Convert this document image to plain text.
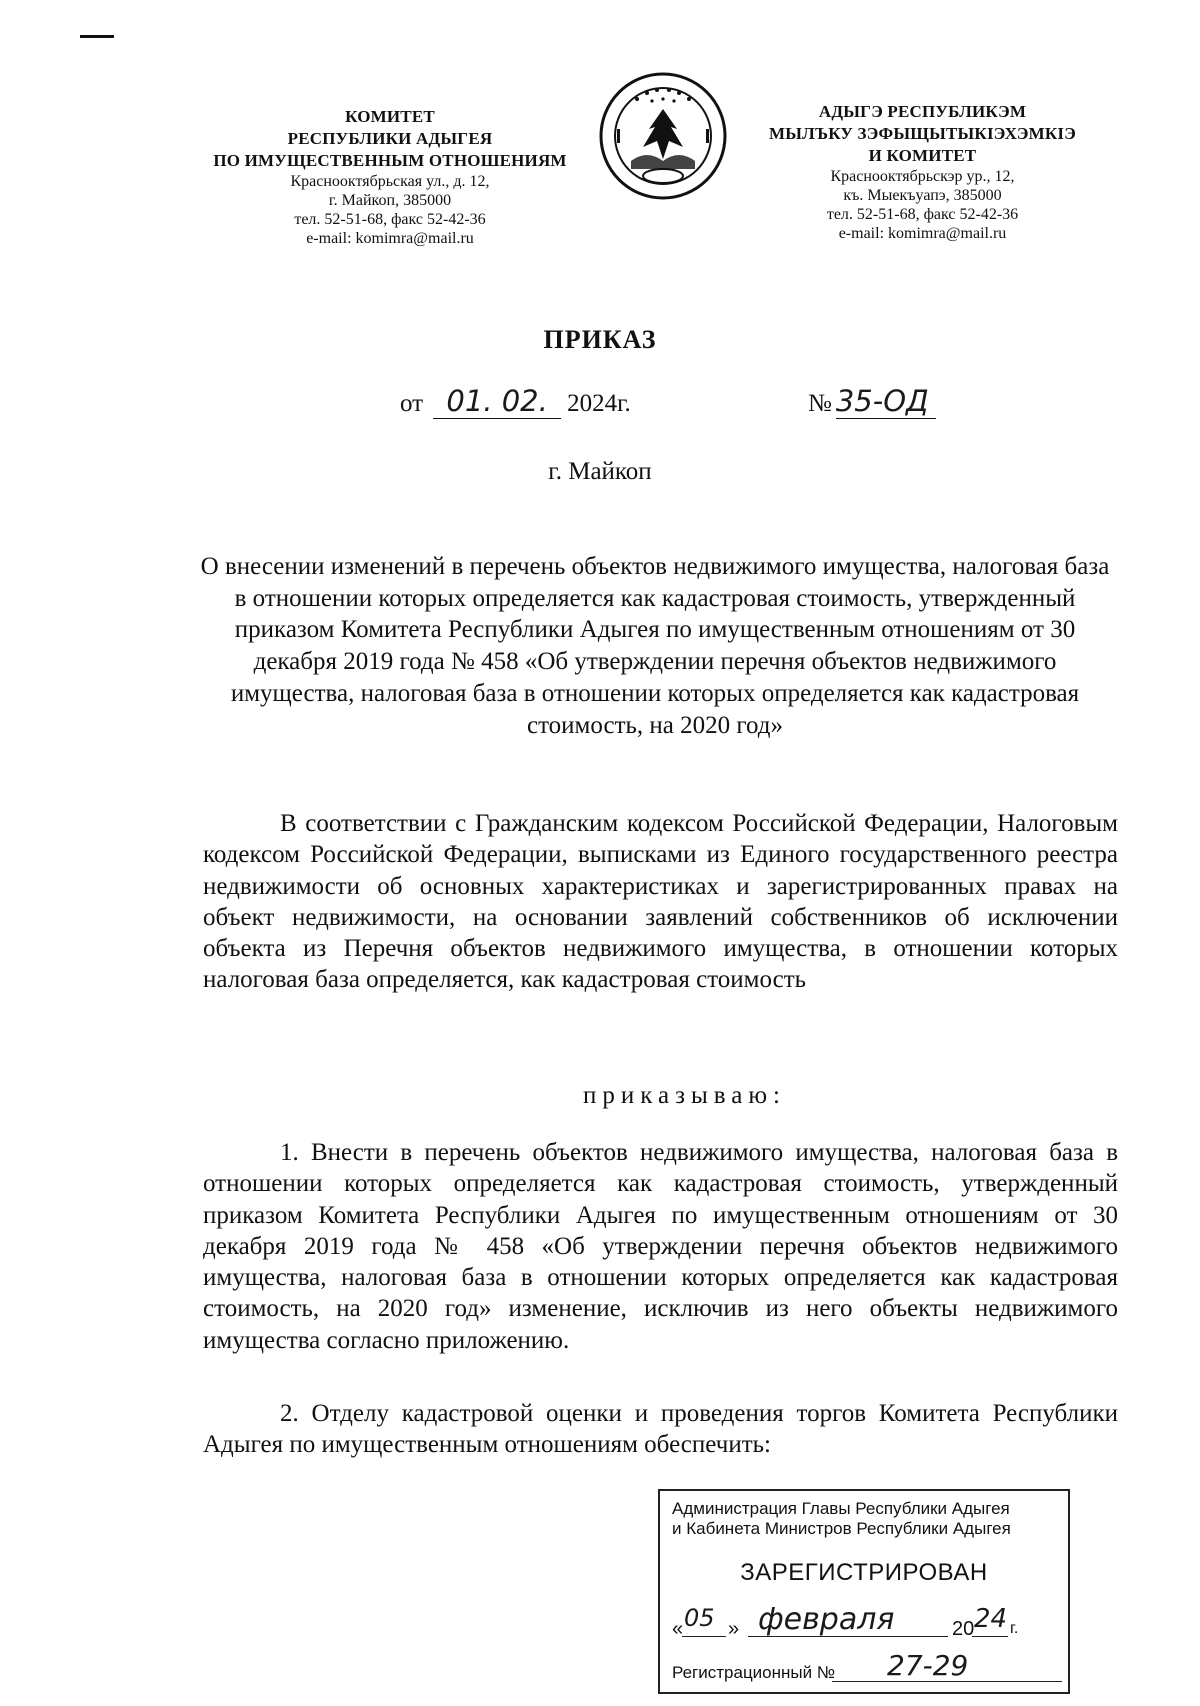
КОМИТЕТ
РЕСПУБЛИКИ АДЫГЕЯ
ПО ИМУЩЕСТВЕННЫМ ОТНОШЕНИЯМ
Краснооктябрьская ул., д. 12,
г. Майкоп, 385000
тел. 52-51-68, факс 52-42-36
e-mail: komimra@mail.ru
АДЫГЭ РЕСПУБЛИКЭМ
МЫЛЪКУ ЗЭФЫЩЫТЫКIЭХЭМКIЭ
И КОМИТЕТ
Краснооктябрьскэр ур., 12,
къ. Мыекъуапэ, 385000
тел. 52-51-68, факс 52-42-36
e-mail: komimra@mail.ru
ПРИКАЗ
от 01. 02. 2024г.	№ 35-ОД
г. Майкоп
О внесении изменений в перечень объектов недвижимого имущества, налоговая база в отношении которых определяется как кадастровая стоимость, утвержденный приказом Комитета Республики Адыгея по имущественным отношениям от 30 декабря 2019 года № 458 «Об утверждении перечня объектов недвижимого имущества, налоговая база в отношении которых определяется как кадастровая стоимость, на 2020 год»
В соответствии с Гражданским кодексом Российской Федерации, Налоговым кодексом Российской Федерации, выписками из Единого государственного реестра недвижимости об основных характеристиках и зарегистрированных правах на объект недвижимости, на основании заявлений собственников об исключении объекта из Перечня объектов недвижимого имущества, в отношении которых налоговая база определяется, как кадастровая стоимость
приказываю:
1. Внести в перечень объектов недвижимого имущества, налоговая база в отношении которых определяется как кадастровая стоимость, утвержденный приказом Комитета Республики Адыгея по имущественным отношениям от 30 декабря 2019 года № 458 «Об утверждении перечня объектов недвижимого имущества, налоговая база в отношении которых определяется как кадастровая стоимость, на 2020 год» изменение, исключив из него объекты недвижимого имущества согласно приложению.
2. Отделу кадастровой оценки и проведения торгов Комитета Республики Адыгея по имущественным отношениям обеспечить:
Администрация Главы Республики Адыгея
и Кабинета Министров Республики Адыгея
ЗАРЕГИСТРИРОВАН
« 05 » февраля	20 24 г.
Регистрационный № 27-29
